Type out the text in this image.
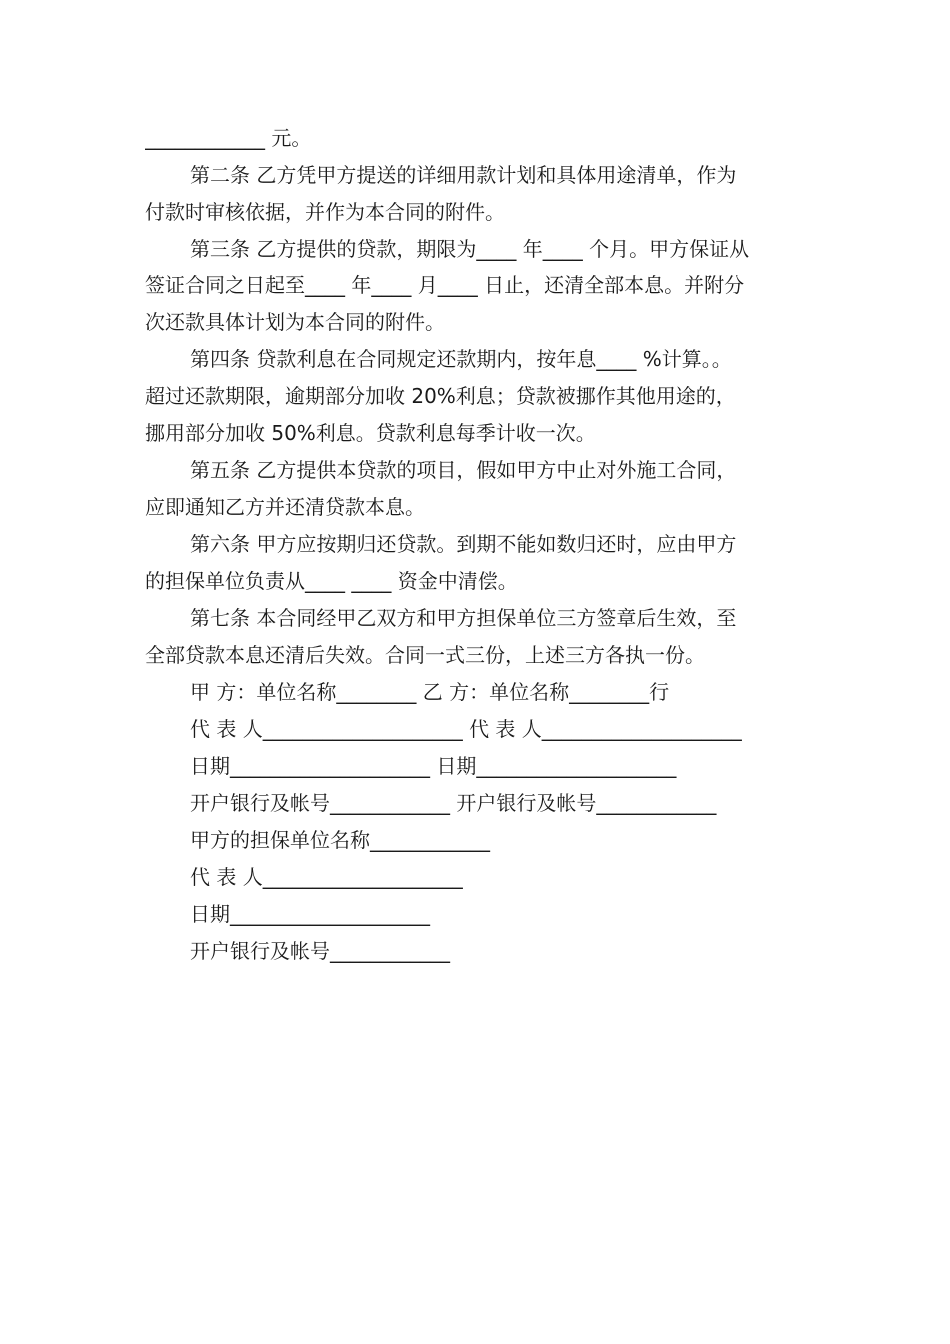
____________ 元。
第二条 乙方凭甲方提送的详细用款计划和具体用途清单，作为
付款时审核依据，并作为本合同的附件。
第三条 乙方提供的贷款，期限为____ 年____ 个月。甲方保证从
签证合同之日起至____ 年____ 月____ 日止，还清全部本息。并附分
次还款具体计划为本合同的附件。
第四条 贷款利息在合同规定还款期内，按年息____ %计算。。
超过还款期限，逾期部分加收 20%利息；贷款被挪作其他用途的，
挪用部分加收 50%利息。贷款利息每季计收一次。
第五条 乙方提供本贷款的项目，假如甲方中止对外施工合同，
应即通知乙方并还清贷款本息。
第六条 甲方应按期归还贷款。到期不能如数归还时，应由甲方
的担保单位负责从____ ____ 资金中清偿。
第七条 本合同经甲乙双方和甲方担保单位三方签章后生效，至
全部贷款本息还清后失效。合同一式三份，上述三方各执一份。
甲 方：单位名称________ 乙 方：单位名称________行
代 表 人____________________ 代 表 人____________________
日期____________________ 日期____________________
开户银行及帐号____________ 开户银行及帐号____________
甲方的担保单位名称____________
代 表 人____________________
日期____________________
开户银行及帐号____________
